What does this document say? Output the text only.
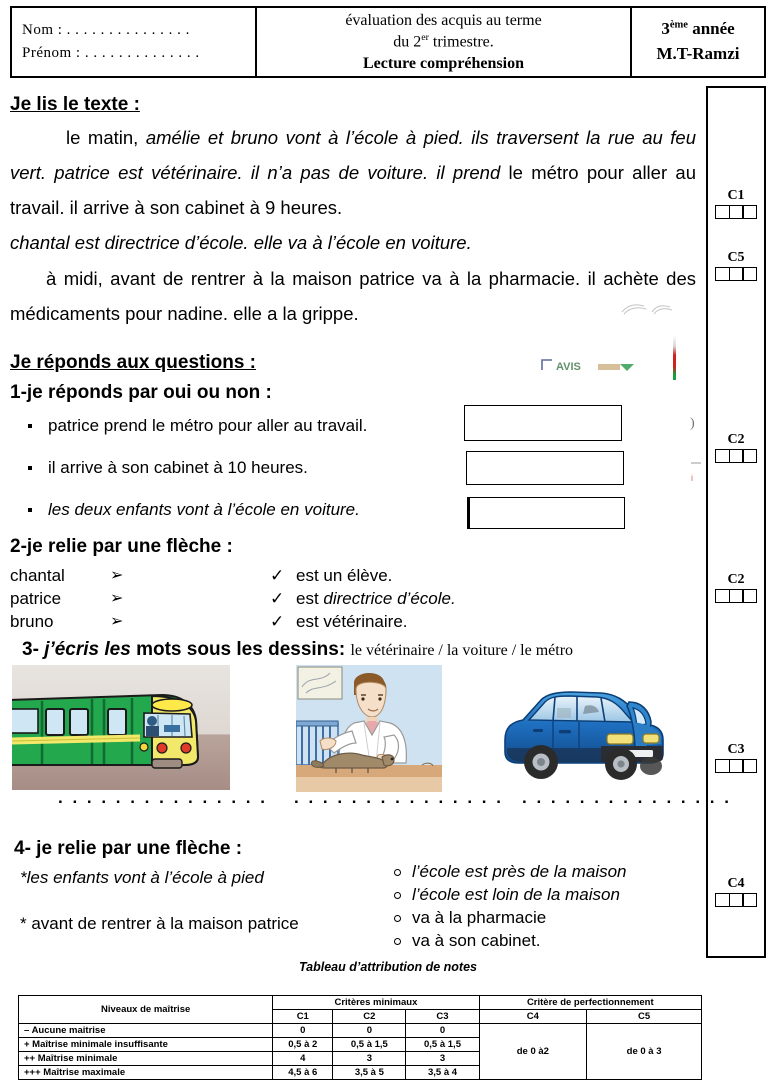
Nom : . . . . . . . . . . . . . . .
Prénom : . . . . . . . . . . . . . .
évaluation des acquis au terme
du 2er trimestre.
Lecture compréhension
3ème année
M.T-Ramzi
C1
C5
C2
C2
C3
C4
Je lis le texte :
le matin, amélie et bruno vont à l’école à pied. ils traversent la rue au feu vert. patrice est vétérinaire. il n’a pas de voiture. il prend le métro pour aller au travail. il arrive à son cabinet à 9 heures.
chantal est directrice d’école. elle va à l’école en voiture.
à midi, avant de rentrer à la maison patrice va à la pharmacie. il achète des médicaments pour nadine. elle a la grippe.
AVIS
)
i
Je réponds aux questions :
1-je réponds par oui ou non :
patrice prend le métro pour aller au travail.
il arrive à son cabinet à 10 heures.
les deux enfants vont à l’école en voiture.
2-je relie par une flèche :
chantal	➢	✓ est un élève.
patrice	➢	✓ est directrice d’école.
bruno	➢	✓ est vétérinaire.
3- j’écris les mots sous les dessins: le vétérinaire / la voiture / le métro
. . . . . . . . . . . . . . . . . . . . . . . . . . . . . . . . . . . . . . . . . . . . .
4- je relie par une flèche :
*les enfants vont à l’école à pied
* avant de rentrer à la maison patrice
l’école est près de la maison
l’école est loin de la maison
va à la pharmacie
va à son cabinet.
Tableau d’attribution de notes
Niveaux de maîtrise	Critères minimaux			Critère de perfectionnement	
	C1	C2	C3	C4	C5
– Aucune maitrise	0	0	0	de 0 à2	de 0 à 3
+ Maîtrise minimale insuffisante	0,5 à 2	0,5 à 1,5	0,5 à 1,5		
++ Maîtrise minimale	4	3	3		
+++ Maîtrise maximale	4,5 à 6	3,5 à 5	3,5 à 4		
